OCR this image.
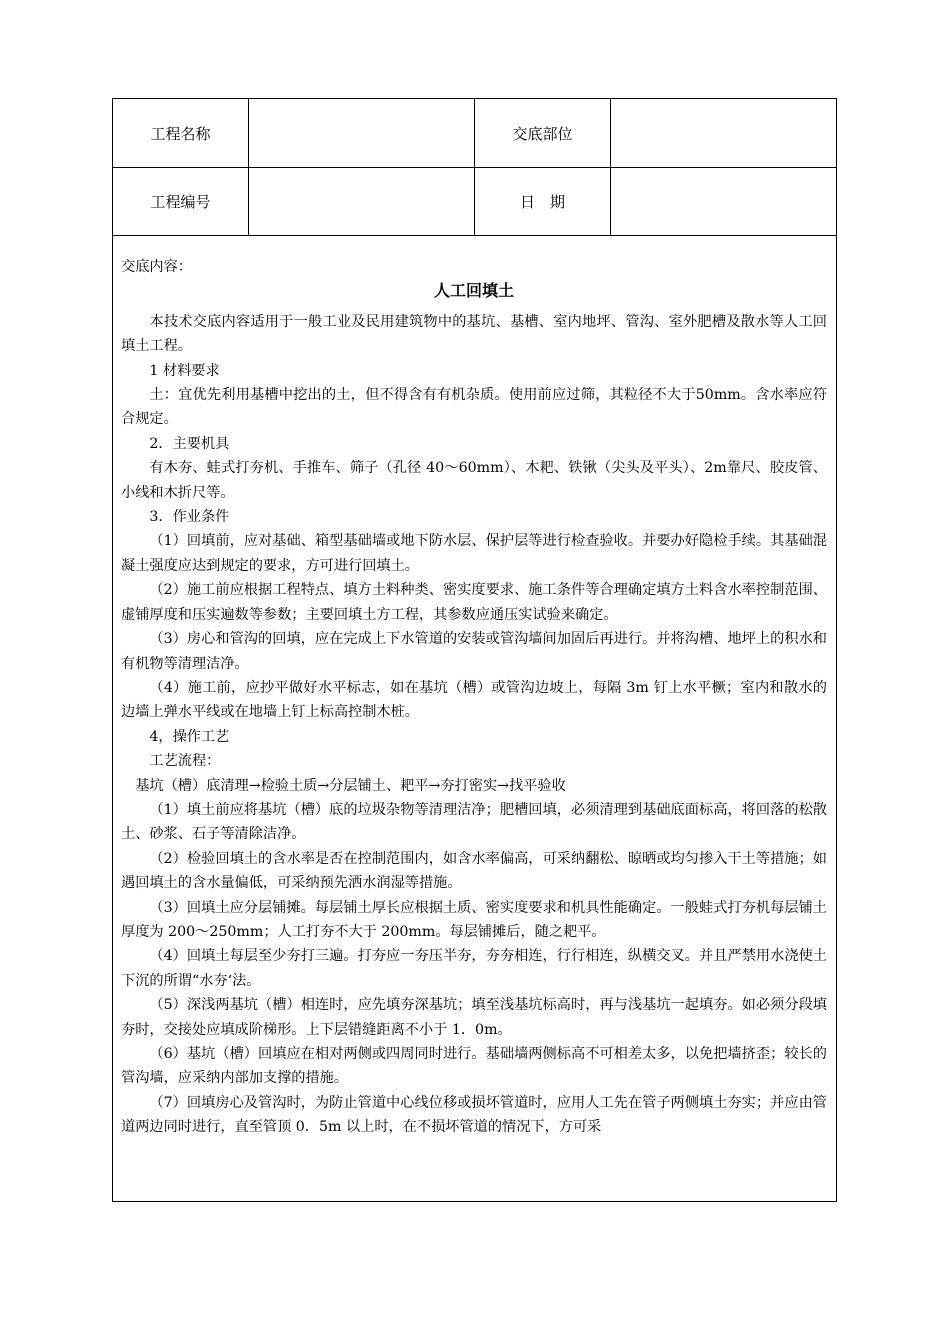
工程名称	交底部位
工程编号	日　期

交底内容：

人工回填土

本技术交底内容适用于一般工业及民用建筑物中的基坑、基槽、室内地坪、管沟、室外肥槽及散水等人工回填土工程。

1 材料要求

土：宜优先利用基槽中挖出的土，但不得含有有机杂质。使用前应过筛，其粒径不大于50mm。含水率应符合规定。

2．主要机具

有木夯、蛙式打夯机、手推车、筛子（孔径 40～60mm）、木耙、铁锹（尖头及平头）、2m靠尺、胶皮管、小线和木折尺等。

3．作业条件

（1）回填前，应对基础、箱型基础墙或地下防水层、保护层等进行检查验收。并要办好隐检手续。其基础混凝土强度应达到规定的要求，方可进行回填土。

（2）施工前应根据工程特点、填方土料种类、密实度要求、施工条件等合理确定填方土料含水率控制范围、虚铺厚度和压实遍数等参数；主要回填土方工程，其参数应通压实试验来确定。

（3）房心和管沟的回填，应在完成上下水管道的安装或管沟墙间加固后再进行。并将沟槽、地坪上的积水和有机物等清理洁净。

（4）施工前，应抄平做好水平标志，如在基坑（槽）或管沟边坡上，每隔 3m 钉上水平橛；室内和散水的边墙上弹水平线或在地墙上钉上标高控制木桩。

4，操作工艺

工艺流程：

基坑（槽）底清理→检验土质→分层铺土、耙平→夯打密实→找平验收

（1）填土前应将基坑（槽）底的垃圾杂物等清理洁净；肥槽回填，必须清理到基础底面标高，将回落的松散土、砂浆、石子等清除洁净。

（2）检验回填土的含水率是否在控制范围内，如含水率偏高，可采纳翻松、晾晒或均匀掺入干土等措施；如遇回填土的含水量偏低，可采纳预先洒水润湿等措施。

（3）回填土应分层铺摊。每层铺土厚长应根据土质、密实度要求和机具性能确定。一般蛙式打夯机每层铺土厚度为 200～250mm；人工打夯不大于 200mm。每层铺摊后，随之耙平。

（4）回填土每层至少夯打三遍。打夯应一夯压半夯，夯夯相连，行行相连，纵横交叉。并且严禁用水浇使土下沉的所谓“水夯‘法。

（5）深浅两基坑（槽）相连时，应先填夯深基坑；填至浅基坑标高时，再与浅基坑一起填夯。如必须分段填夯时，交接处应填成阶梯形。上下层错缝距离不小于 1．0m。

（6）基坑（槽）回填应在相对两侧或四周同时进行。基础墙两侧标高不可相差太多，以免把墙挤歪；较长的管沟墙，应采纳内部加支撑的措施。

（7）回填房心及管沟时，为防止管道中心线位移或损坏管道时，应用人工先在管子两侧填土夯实；并应由管道两边同时进行，直至管顶 0．5m 以上时，在不损坏管道的情况下，方可采
